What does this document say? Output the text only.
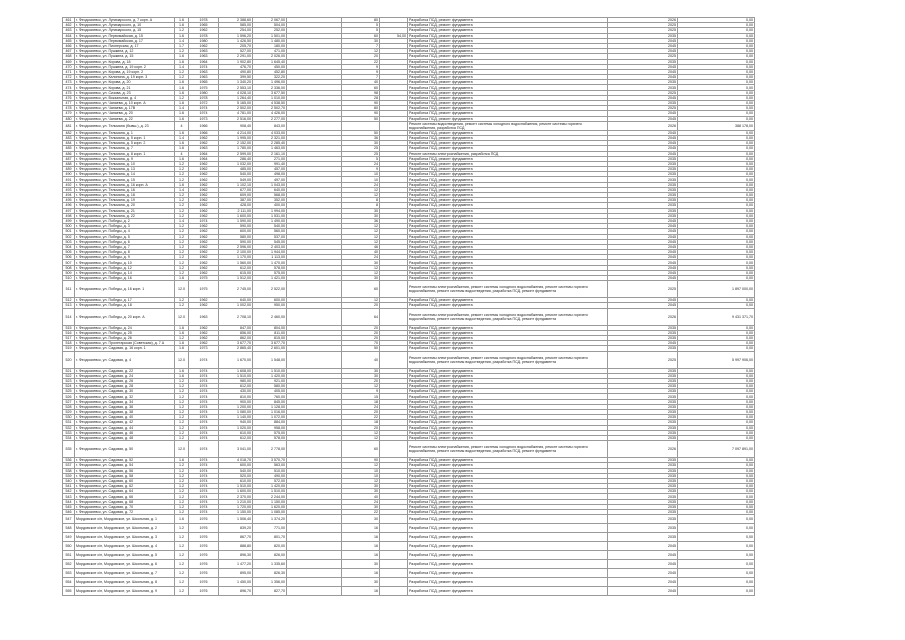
461	г. Феодосиевск, ул. Луначарского, д. 7 корп. А	1.6	1978	2 388,60	2 067,00		80		Разработка ПСД, ремонт фундамента	2026	0,00
462	г. Феодосиевск, ул. Луначарского, д. 10	1.6	1965	585,00	504,00		5		Разработка ПСД, ремонт фундамента	2025	0,00
463	г. Феодосиевск, ул. Луначарского, д. 15	1.2	1962	254,00	252,00		5		Разработка ПСД, ремонт фундамента	2025	0,00
464	г. Феодосиевск, ул. Первомайская, д. 15	1.6	1978	1 596,20	1 501,00		60	54,00	Разработка ПСД, ремонт фундамента	2035	0,00
465	г. Феодосиевск, ул. Первомайская, д. 17	1.4	1980	1 426,50	1 480,00		30		Разработка ПСД, ремонт фундамента	2045	0,00
466	г. Феодосиевск, ул. Пионерская, д. 17	1.7	1962	205,70	180,00		7		Разработка ПСД, ремонт фундамента	2045	0,00
467	г. Феодосиевск, ул. Пушкина, д. 12	1.2	1963	527,00	471,00		12		Разработка ПСД, ремонт фундамента	2045	0,00
468	г. Феодосиевск, ул. Пушкина, д. 15	1.6	1963	2 291,00	2 026,00		20		Разработка ПСД, ремонт фундамента	2025	0,00
469	г. Феодосиевск, ул. Кирова, д. 18	1.6	1964	1 902,80	1 645,40		22		Разработка ПСД, ремонт фундамента	2035	0,00
470	г. Феодосиевск, ул. Пушкина, д. 19 корп. 2	1.4	1974	476,70	450,00		9		Разработка ПСД, ремонт фундамента	2045	0,00
471	г. Феодосиевск, ул. Кирова, д. 19 корп. 2	1.2	1963	490,80	452,80		9		Разработка ПСД, ремонт фундамента	2045	0,00
472	г. Феодосиевск, ул. Калинина, д. 19 корп. 3	1.2	1963	399,50	322,20		7		Разработка ПСД, ремонт фундамента	2045	0,00
473	г. Феодосиевск, ул. Кирова, д. 20	1.6	1965	1 340,20	1 496,00		40		Разработка ПСД, ремонт фундамента	2035	0,00
474	г. Феодосиевск, ул. Кирова, д. 21	1.6	1975	2 553,10	2 336,00		60		Разработка ПСД, ремонт фундамента	2035	0,00
475	г. Феодосиевск, ул. Сизова, д. 23	1.6	1980	4 028,10	3 677,50		98		Разработка ПСД, ремонт фундамента	2025	0,00
476	г. Феодосиевск, ул. Вокзальная, д. 4	1.2	1978	1 264,40	1 010,00		28		Разработка ПСД, ремонт фундамента	2045	0,00
477	г. Феодосиевск, ул. Чапаева, д. 10 корп. А	1.6	1972	5 165,00	4 538,50		90		Разработка ПСД, ремонт фундамента	2035	0,00
478	г. Феодосиевск, ул. Чапаева, д. 17В	1.4	1974	2 502,00	2 502,70		80		Разработка ПСД, ремонт фундамента	2025	0,00
479	г. Феодосиевск, ул. Чапаева, д. 20	1.6	1974	4 781,00	4 426,00		90		Разработка ПСД, ремонт фундамента	2045	0,00
480	г. Феодосиевск, ул. Чапаева, д. 22	1.6	1973	2 516,00	2 277,00		50		Разработка ПСД, ремонт фундамента	2045	0,00
481	г. Феодосиевск, ул. Тельмана (бывш.), д. 23	4	1966	908,40	843,00				Ремонт системы водоотведения, ремонт системы холодного водоснабжения, ремонт системы горячего водоснабжения, разработка ПСД	2026	388 178,00
482	г. Феодосиевск, ул. Тельмана, д. 1	1.6	1966	4 214,00	4 033,00		50		Разработка ПСД, ремонт фундамента	2045	0,00
483	г. Феодосиевск, ул. Тельмана, д. 5 корп. 1	1.4	1962	1 995,00	2 321,00		36		Разработка ПСД, ремонт фундамента	2045	0,00
484	г. Феодосиевск, ул. Тельмана, д. 5 корп. 2	1.6	1962	2 152,00	2 285,40		30		Разработка ПСД, ремонт фундамента	2045	0,00
485	г. Феодосиевск, ул. Тельмана, д. 7	1.6	1963	1 780,00	1 463,00		25		Разработка ПСД, ремонт фундамента	2045	0,00
486	г. Феодосиевск, ул. Тельмана, д. 8 корп. 1	4	1964	2 599,00	2 161,10		25		Ремонт системы электроснабжения, разработка ПСД	2045	0,00
487	г. Феодосиевск, ул. Тельмана, д. 9	1.6	1964	286,40	271,00		5		Разработка ПСД, ремонт фундамента	2035	0,00
488	г. Феодосиевск, ул. Тельмана, д. 10	1.2	1962	1 032,00	991,40		24		Разработка ПСД, ремонт фундамента	2035	0,00
489	г. Феодосиевск, ул. Тельмана, д. 13	1.2	1962	485,00	457,00		9		Разработка ПСД, ремонт фундамента	2035	0,00
490	г. Феодосиевск, ул. Тельмана, д. 14	1.2	1962	540,00	498,00		10		Разработка ПСД, ремонт фундамента	2035	0,00
491	г. Феодосиевск, ул. Тельмана, д. 15	1.2	1962	549,00	497,00		10		Разработка ПСД, ремонт фундамента	2035	0,00
492	г. Феодосиевск, ул. Тельмана, д. 16 корп. А	1.6	1962	1 102,10	1 043,00		24		Разработка ПСД, ремонт фундамента	2035	0,00
493	г. Феодосиевск, ул. Тельмана, д. 16	1.4	1962	677,00	640,00		12		Разработка ПСД, ремонт фундамента	2035	0,00
494	г. Феодосиевск, ул. Тельмана, д. 18	1.2	1962	609,00	568,00		12		Разработка ПСД, ремонт фундамента	2035	0,00
495	г. Феодосиевск, ул. Тельмана, д. 19	1.2	1962	387,00	352,00		8		Разработка ПСД, ремонт фундамента	2035	0,00
496	г. Феодосиевск, ул. Тельмана, д. 20	1.2	1962	428,00	400,00		8		Разработка ПСД, ремонт фундамента	2035	0,00
497	г. Феодосиевск, ул. Тельмана, д. 21	1.2	1962	2 111,00	1 994,00		30		Разработка ПСД, ремонт фундамента	2035	0,00
498	г. Феодосиевск, ул. Тельмана, д. 22	1.2	1962	1 600,00	1 531,00		30		Разработка ПСД, ремонт фундамента	2035	0,00
499	г. Феодосиевск, ул. Победы, д. 2	1.4	1974	1 590,00	1 490,00		36		Разработка ПСД, ремонт фундамента	2045	0,00
500	г. Феодосиевск, ул. Победы, д. 3	1.2	1962	590,00	540,00		12		Разработка ПСД, ремонт фундамента	2045	0,00
501	г. Феодосиевск, ул. Победы, д. 4	1.2	1962	600,00	560,00		12		Разработка ПСД, ремонт фундамента	2045	0,00
502	г. Феодосиевск, ул. Победы, д. 5	1.2	1962	580,00	537,00		12		Разработка ПСД, ремонт фундамента	2045	0,00
503	г. Феодосиевск, ул. Победы, д. 6	1.2	1962	590,00	545,00		12		Разработка ПСД, ремонт фундамента	2045	0,00
504	г. Феодосиевск, ул. Победы, д. 7	1.2	1962	2 596,00	2 403,00		46		Разработка ПСД, ремонт фундамента	2045	0,00
505	г. Феодосиевск, ул. Победы, д. 8	1.2	1962	2 100,00	1 944,00		40		Разработка ПСД, ремонт фундамента	2045	0,00
506	г. Феодосиевск, ул. Победы, д. 9	1.2	1962	1 170,00	1 113,00		24		Разработка ПСД, ремонт фундамента	2045	0,00
507	г. Феодосиевск, ул. Победы, д. 10	1.2	1962	1 560,00	1 470,00		30		Разработка ПСД, ремонт фундамента	2045	0,00
508	г. Феодосиевск, ул. Победы, д. 12	1.2	1962	612,00	578,00		12		Разработка ПСД, ремонт фундамента	2045	0,00
509	г. Феодосиевск, ул. Победы, д. 14	1.2	1962	615,00	575,00		12		Разработка ПСД, ремонт фундамента	2045	0,00
510	г. Феодосиевск, ул. Победы, д. 16	1.6	1975	1 512,00	1 421,00		30		Разработка ПСД, ремонт фундамента	2045	0,00
511	г. Феодосиевск, ул. Победы, д. 16 корп. 1	12.0	1975	2 745,00	2 522,00		60		Ремонт системы электроснабжения, ремонт системы холодного водоснабжения, ремонт системы горячего водоснабжения, ремонт системы водоотведения, разработка ПСД, ремонт фундамента	2025	1 897 000,00
512	г. Феодосиевск, ул. Победы, д. 17	1.2	1962	640,00	600,00		12		Разработка ПСД, ремонт фундамента	2045	0,00
513	г. Феодосиевск, ул. Победы, д. 18	1.2	1962	1 002,00	950,00		20		Разработка ПСД, ремонт фундамента	2045	0,00
514	г. Феодосиевск, ул. Победы, д. 20 корп. А	12.0	1963	2 708,10	2 460,00		64		Ремонт системы электроснабжения, ремонт системы холодного водоснабжения, ремонт системы горячего водоснабжения, ремонт системы водоотведения, разработка ПСД, ремонт фундамента	2026	9 431 371,70
515	г. Феодосиевск, ул. Победы, д. 24	1.6	1962	847,00	804,00		20		Разработка ПСД, ремонт фундамента	2035	0,00
516	г. Феодосиевск, ул. Победы, д. 25	1.6	1962	856,00	811,00		20		Разработка ПСД, ремонт фундамента	2035	0,00
517	г. Феодосиевск, ул. Победы, д. 26	1.2	1962	862,00	815,00		20		Разработка ПСД, ремонт фундамента	2035	0,00
518	г. Феодосиевск, ул. Пролетарская (Советская), д. 7 А	1.6	1962	3 677,70	3 677,70		70		Разработка ПСД, ремонт фундамента	2045	0,00
519	г. Феодосиевск, ул. Садовая, д. 16 корп. 1	1.6	1973	2 865,40	2 601,00		50		Разработка ПСД, ремонт фундамента	2035	0,00
520	г. Феодосиевск, ул. Садовая, д. 4	12.0	1974	1 670,00	1 548,00		40		Ремонт системы электроснабжения, ремонт системы холодного водоснабжения, ремонт системы горячего водоснабжения, ремонт системы водоотведения, разработка ПСД, ремонт фундамента	2025	5 997 906,00
521	г. Феодосиевск, ул. Садовая, д. 22	1.6	1974	1 608,00	1 510,00		30		Разработка ПСД, ремонт фундамента	2035	0,00
522	г. Феодосиевск, ул. Садовая, д. 24	1.6	1974	1 510,00	1 420,00		30		Разработка ПСД, ремонт фундамента	2035	0,00
523	г. Феодосиевск, ул. Садовая, д. 26	1.2	1974	980,00	921,00		20		Разработка ПСД, ремонт фундамента	2035	0,00
524	г. Феодосиевск, ул. Садовая, д. 28	1.2	1974	612,00	580,00		12		Разработка ПСД, ремонт фундамента	2035	0,00
525	г. Феодосиевск, ул. Садовая, д. 30	1.2	1974	430,00	405,00		9		Разработка ПСД, ремонт фундамента	2035	0,00
526	г. Феодосиевск, ул. Садовая, д. 32	1.2	1974	810,00	760,00		15		Разработка ПСД, ремонт фундамента	2035	0,00
527	г. Феодосиевск, ул. Садовая, д. 34	1.2	1974	900,00	845,00		18		Разработка ПСД, ремонт фундамента	2035	0,00
528	г. Феодосиевск, ул. Садовая, д. 36	1.2	1974	1 200,00	1 128,00		24		Разработка ПСД, ремонт фундамента	2035	0,00
529	г. Феодосиевск, ул. Садовая, д. 38	1.2	1974	1 080,00	1 016,00		20		Разработка ПСД, ремонт фундамента	2035	0,00
530	г. Феодосиевск, ул. Садовая, д. 40	1.2	1974	1 140,00	1 072,00		22		Разработка ПСД, ремонт фундамента	2035	0,00
531	г. Феодосиевск, ул. Садовая, д. 42	1.2	1974	940,00	884,00		18		Разработка ПСД, ремонт фундамента	2035	0,00
532	г. Феодосиевск, ул. Садовая, д. 44	1.2	1974	1 020,00	958,00		20		Разработка ПСД, ремонт фундамента	2035	0,00
533	г. Феодосиевск, ул. Садовая, д. 46	1.2	1974	610,00	575,00		12		Разработка ПСД, ремонт фундамента	2035	0,00
534	г. Феодосиевск, ул. Садовая, д. 48	1.2	1974	612,00	578,00		12		Разработка ПСД, ремонт фундамента	2035	0,00
535	г. Феодосиевск, ул. Садовая, д. 50	12.0	1974	3 041,00	2 778,00		60		Ремонт системы электроснабжения, ремонт системы холодного водоснабжения, ремонт системы горячего водоснабжения, ремонт системы водоотведения, разработка ПСД, ремонт фундамента	2026	7 097 891,00
536	г. Феодосиевск, ул. Садовая, д. 52	1.6	1974	4 018,70	3 570,70		90		Разработка ПСД, ремонт фундамента	2035	0,00
537	г. Феодосиевск, ул. Садовая, д. 54	1.2	1974	600,00	563,00		12		Разработка ПСД, ремонт фундамента	2035	0,00
538	г. Феодосиевск, ул. Садовая, д. 56	1.2	1974	540,00	510,00		10		Разработка ПСД, ремонт фундамента	2035	0,00
539	г. Феодосиевск, ул. Садовая, д. 58	1.2	1974	520,00	490,00		10		Разработка ПСД, ремонт фундамента	2035	0,00
540	г. Феодосиевск, ул. Садовая, д. 60	1.2	1974	610,00	572,00		12		Разработка ПСД, ремонт фундамента	2035	0,00
541	г. Феодосиевск, ул. Садовая, д. 62	1.2	1974	1 510,00	1 420,00		30		Разработка ПСД, ремонт фундамента	2035	0,00
542	г. Феодосиевск, ул. Садовая, д. 64	1.2	1974	1 600,00	1 510,00		30		Разработка ПСД, ремонт фундамента	2035	0,00
543	г. Феодосиевск, ул. Садовая, д. 66	1.2	1974	2 370,00	2 244,00		40		Разработка ПСД, ремонт фундамента	2035	0,00
544	г. Феодосиевск, ул. Садовая, д. 68	1.2	1974	1 210,00	1 150,00		24		Разработка ПСД, ремонт фундамента	2035	0,00
545	г. Феодосиевск, ул. Садовая, д. 70	1.2	1974	1 720,00	1 620,00		30		Разработка ПСД, ремонт фундамента	2035	0,00
546	г. Феодосиевск, ул. Садовая, д. 72	1.2	1974	1 150,00	1 085,00		22		Разработка ПСД, ремонт фундамента	2035	0,00
547	Мордовское с/п, Мордовское, ул. Школьная, д. 1	1.6	1976	1 506,40	1 374,20		30		Разработка ПСД, ремонт фундамента	2035	0,00
548	Мордовское с/п, Мордовское, ул. Школьная, д. 2	1.2	1976	839,20	771,00		16		Разработка ПСД, ремонт фундамента	2035	0,00
549	Мордовское с/п, Мордовское, ул. Школьная, д. 3	1.2	1976	867,70	801,70		16		Разработка ПСД, ремонт фундамента	2035	0,00
550	Мордовское с/п, Мордовское, ул. Школьная, д. 4	1.2	1976	888,80	820,00		16		Разработка ПСД, ремонт фундамента	2045	0,00
551	Мордовское с/п, Мордовское, ул. Школьная, д. 5	1.2	1976	896,30	826,00		16		Разработка ПСД, ремонт фундамента	2045	0,00
552	Мордовское с/п, Мордовское, ул. Школьная, д. 6	1.2	1976	1 477,20	1 335,60		30		Разработка ПСД, ремонт фундамента	2045	0,00
553	Мордовское с/п, Мордовское, ул. Школьная, д. 7	1.2	1976	895,00	826,30		16		Разработка ПСД, ремонт фундамента	2045	0,00
554	Мордовское с/п, Мордовское, ул. Школьная, д. 8	1.2	1976	1 450,00	1 356,00		30		Разработка ПСД, ремонт фундамента	2045	0,00
555	Мордовское с/п, Мордовское, ул. Школьная, д. 9	1.2	1976	896,70	827,70		16		Разработка ПСД, ремонт фундамента	2045	0,00
